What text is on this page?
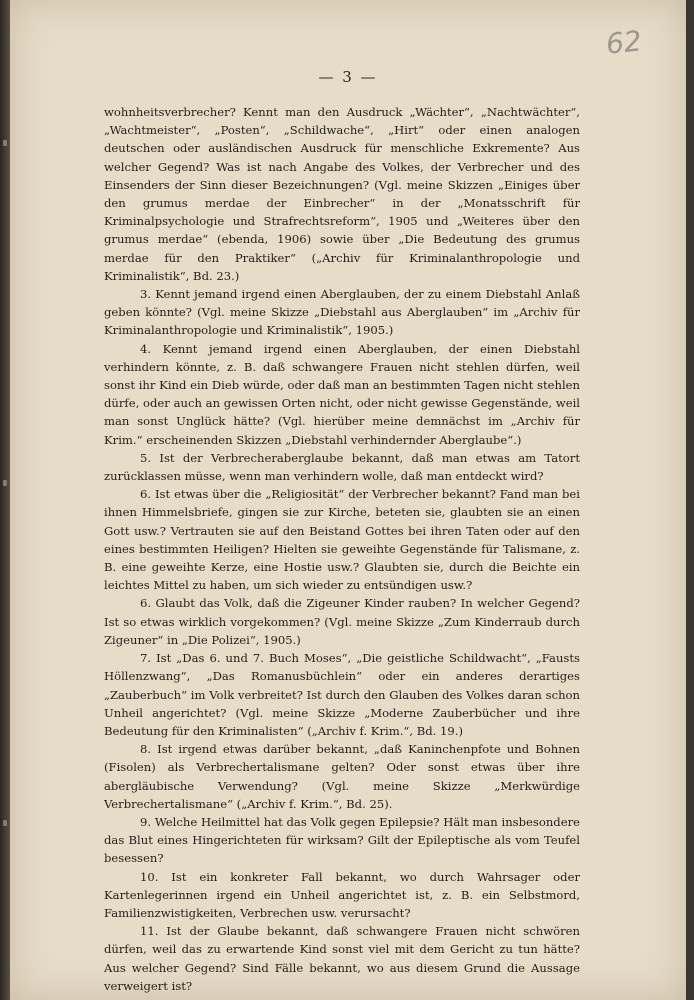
62
— 3 —

wohnheitsverbrecher? Kennt man den Ausdruck „Wächter“, „Nachtwächter“, „Wachtmeister“, „Posten“, „Schildwache“, „Hirt“ oder einen analogen deutschen oder ausländischen Ausdruck für menschliche Exkremente? Aus welcher Gegend? Was ist nach Angabe des Volkes, der Verbrecher und des Einsenders der Sinn dieser Bezeichnungen? (Vgl. meine Skizzen „Einiges über den grumus merdae der Einbrecher“ in der „Monatsschrift für Kriminalpsychologie und Strafrechtsreform“, 1905 und „Weiteres über den grumus merdae“ (ebenda, 1906) sowie über „Die Bedeutung des grumus merdae für den Praktiker“ („Archiv für Kriminalanthropologie und Kriminalistik“, Bd. 23.)

3. Kennt jemand irgend einen Aberglauben, der zu einem Diebstahl Anlaß geben könnte? (Vgl. meine Skizze „Diebstahl aus Aberglauben“ im „Archiv für Kriminalanthropologie und Kriminalistik“, 1905.)

4. Kennt jemand irgend einen Aberglauben, der einen Diebstahl verhindern könnte, z. B. daß schwangere Frauen nicht stehlen dürfen, weil sonst ihr Kind ein Dieb würde, oder daß man an bestimmten Tagen nicht stehlen dürfe, oder auch an gewissen Orten nicht, oder nicht gewisse Gegenstände, weil man sonst Unglück hätte? (Vgl. hierüber meine demnächst im „Archiv für Krim.“ erscheinenden Skizzen „Diebstahl verhindernder Aberglaube“.)

5. Ist der Verbrecheraberglaube bekannt, daß man etwas am Tatort zurücklassen müsse, wenn man verhindern wolle, daß man entdeckt wird?

6. Ist etwas über die „Religiosität“ der Verbrecher bekannt? Fand man bei ihnen Himmelsbriefe, gingen sie zur Kirche, beteten sie, glaubten sie an einen Gott usw.? Vertrauten sie auf den Beistand Gottes bei ihren Taten oder auf den eines bestimmten Heiligen? Hielten sie geweihte Gegenstände für Talismane, z. B. eine geweihte Kerze, eine Hostie usw.? Glaubten sie, durch die Beichte ein leichtes Mittel zu haben, um sich wieder zu entsündigen usw.?

6. Glaubt das Volk, daß die Zigeuner Kinder rauben? In welcher Gegend? Ist so etwas wirklich vorgekommen? (Vgl. meine Skizze „Zum Kinderraub durch Zigeuner“ in „Die Polizei“, 1905.)

7. Ist „Das 6. und 7. Buch Moses“, „Die geistliche Schildwacht“, „Fausts Höllenzwang“, „Das Romanusbüchlein“ oder ein anderes derartiges „Zauberbuch“ im Volk verbreitet? Ist durch den Glauben des Volkes daran schon Unheil angerichtet? (Vgl. meine Skizze „Moderne Zauberbücher und ihre Bedeutung für den Kriminalisten“ („Archiv f. Krim.“, Bd. 19.)

8. Ist irgend etwas darüber bekannt, „daß Kaninchenpfote und Bohnen (Fisolen) als Verbrechertalismane gelten? Oder sonst etwas über ihre abergläubische Verwendung? (Vgl. meine Skizze „Merkwürdige Verbrechertalismane“ („Archiv f. Krim.“, Bd. 25).

9. Welche Heilmittel hat das Volk gegen Epilepsie? Hält man insbesondere das Blut eines Hingerichteten für wirksam? Gilt der Epileptische als vom Teufel besessen?

10. Ist ein konkreter Fall bekannt, wo durch Wahrsager oder Kartenlegerinnen irgend ein Unheil angerichtet ist, z. B. ein Selbstmord, Familienzwistigkeiten, Verbrechen usw. verursacht?

11. Ist der Glaube bekannt, daß schwangere Frauen nicht schwören dürfen, weil das zu erwartende Kind sonst viel mit dem Gericht zu tun hätte? Aus welcher Gegend? Sind Fälle bekannt, wo aus diesem Grund die Aussage verweigert ist?
